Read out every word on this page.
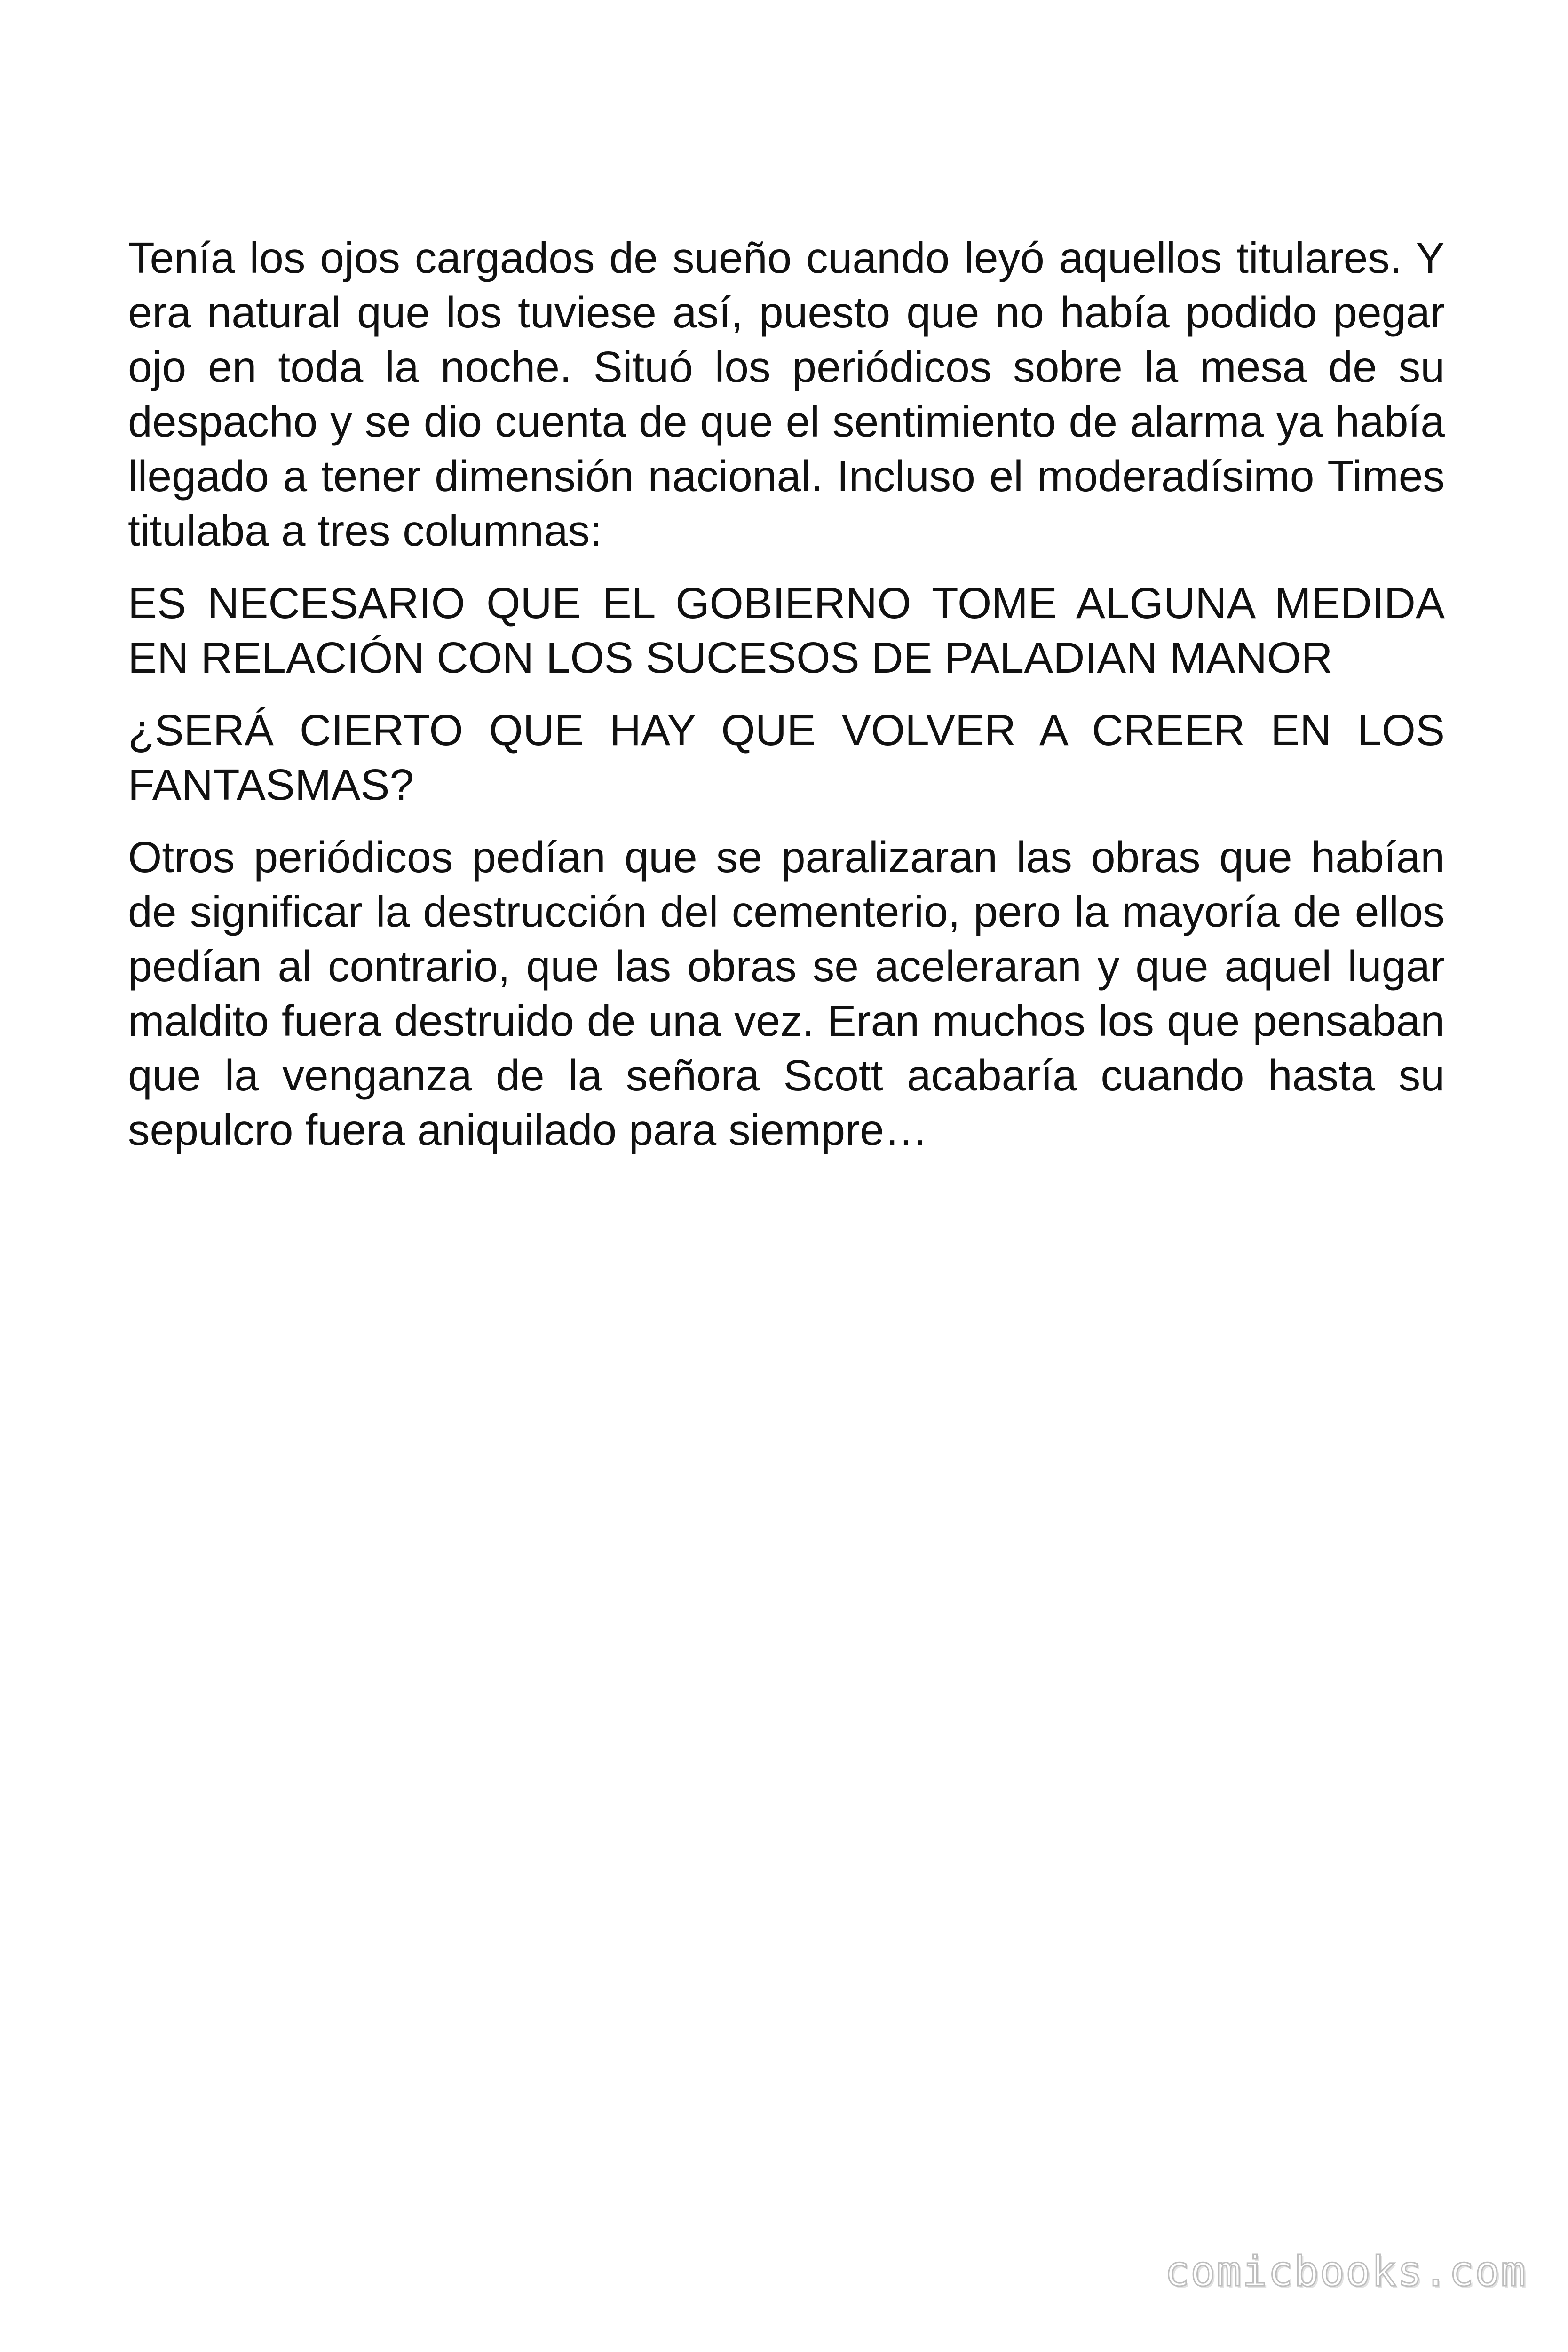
Tenía los ojos cargados de sueño cuando leyó aquellos titulares. Y era natural que los tuviese así, puesto que no había podido pegar ojo en toda la noche. Situó los periódicos sobre la mesa de su despacho y se dio cuenta de que el sentimiento de alarma ya había llegado a tener dimensión nacional. Incluso el moderadísimo Times titulaba a tres columnas:

ES NECESARIO QUE EL GOBIERNO TOME ALGUNA MEDIDA EN RELACIÓN CON LOS SUCESOS DE PALADIAN MANOR

¿SERÁ CIERTO QUE HAY QUE VOLVER A CREER EN LOS FANTASMAS?

Otros periódicos pedían que se paralizaran las obras que habían de significar la destrucción del cementerio, pero la mayoría de ellos pedían al contrario, que las obras se aceleraran y que aquel lugar maldito fuera destruido de una vez. Eran muchos los que pensaban que la venganza de la señora Scott acabaría cuando hasta su sepulcro fuera aniquilado para siempre…

comicbooks.com
